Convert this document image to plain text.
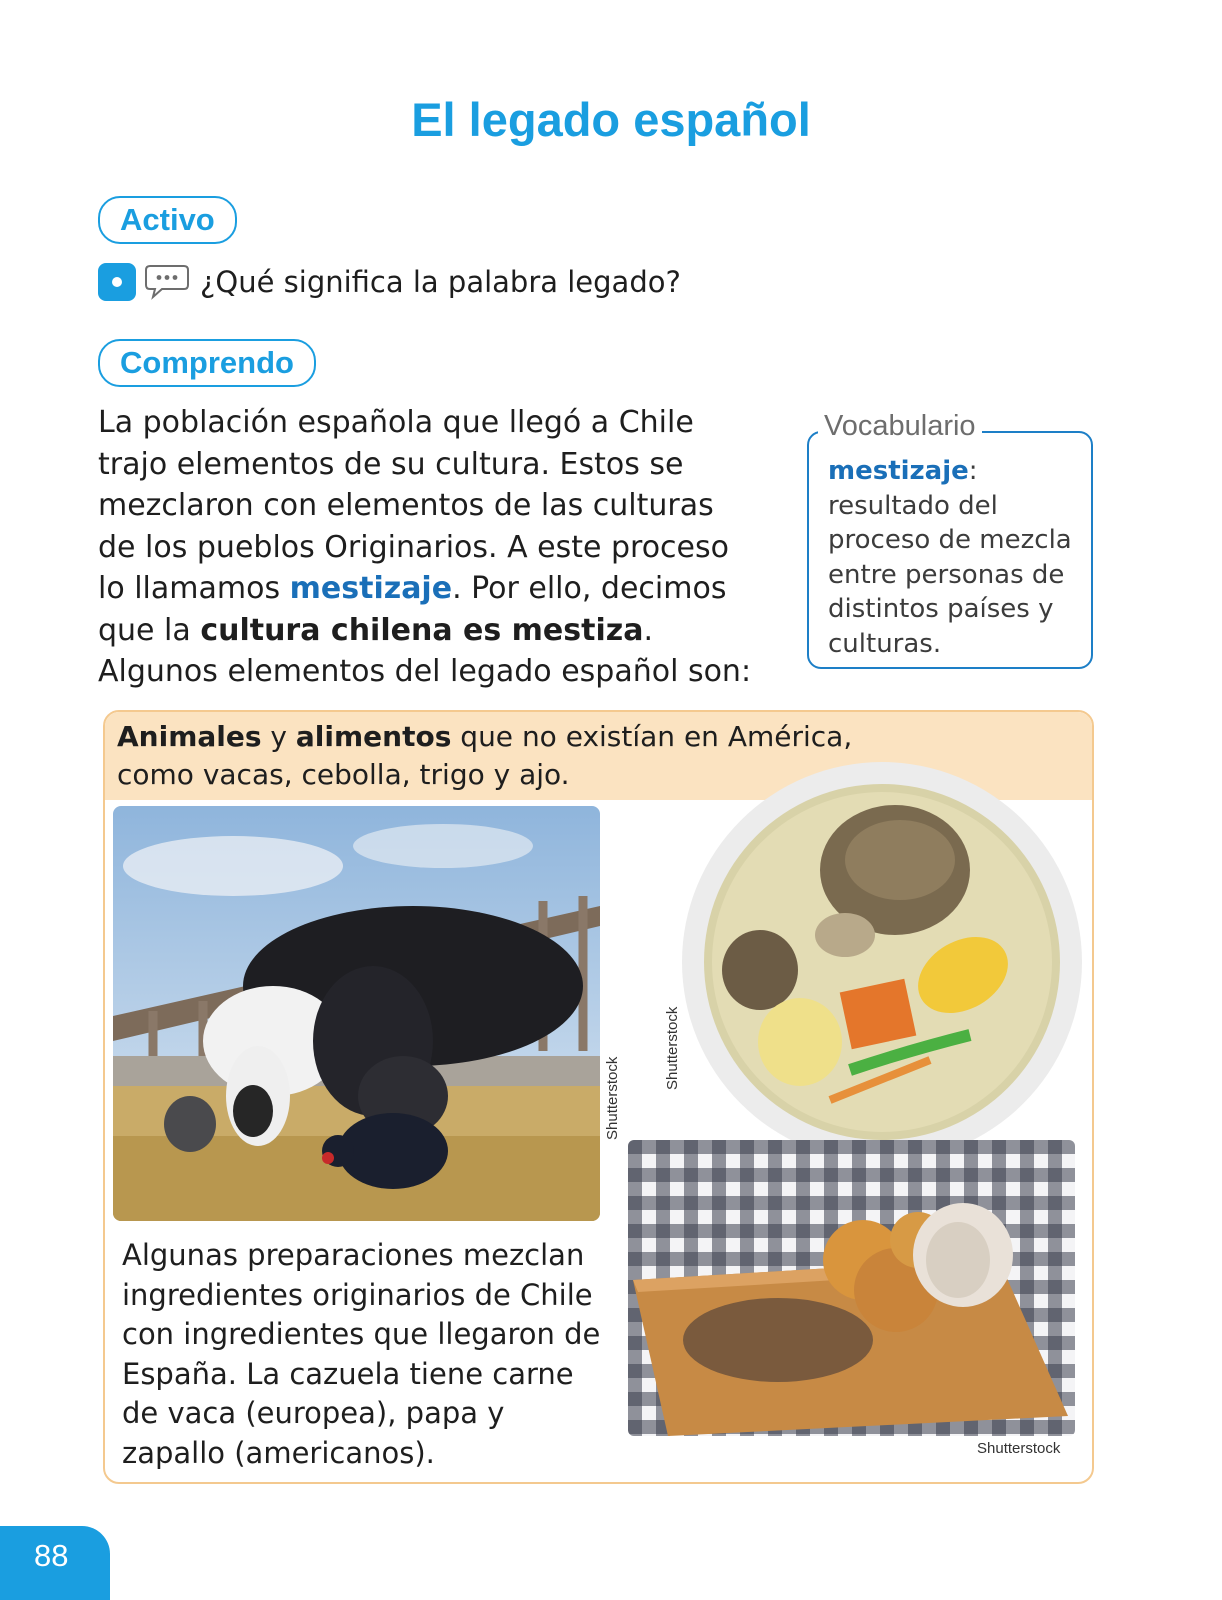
El legado español
Activo
¿Qué significa la palabra legado?
Comprendo

La población española que llegó a Chile trajo elementos de su cultura. Estos se mezclaron con elementos de las culturas de los pueblos Originarios. A este proceso lo llamamos mestizaje. Por ello, decimos que la cultura chilena es mestiza. Algunos elementos del legado español son:

Vocabulario
mestizaje:
resultado del proceso de mezcla entre personas de distintos países y culturas.
Animales y alimentos que no existían en América, como vacas, cebolla, trigo y ajo.
Shutterstock
Shutterstock
Shutterstock
Algunas preparaciones mezclan ingredientes originarios de Chile con ingredientes que llegaron de España. La cazuela tiene carne de vaca (europea), papa y zapallo (americanos).
88
